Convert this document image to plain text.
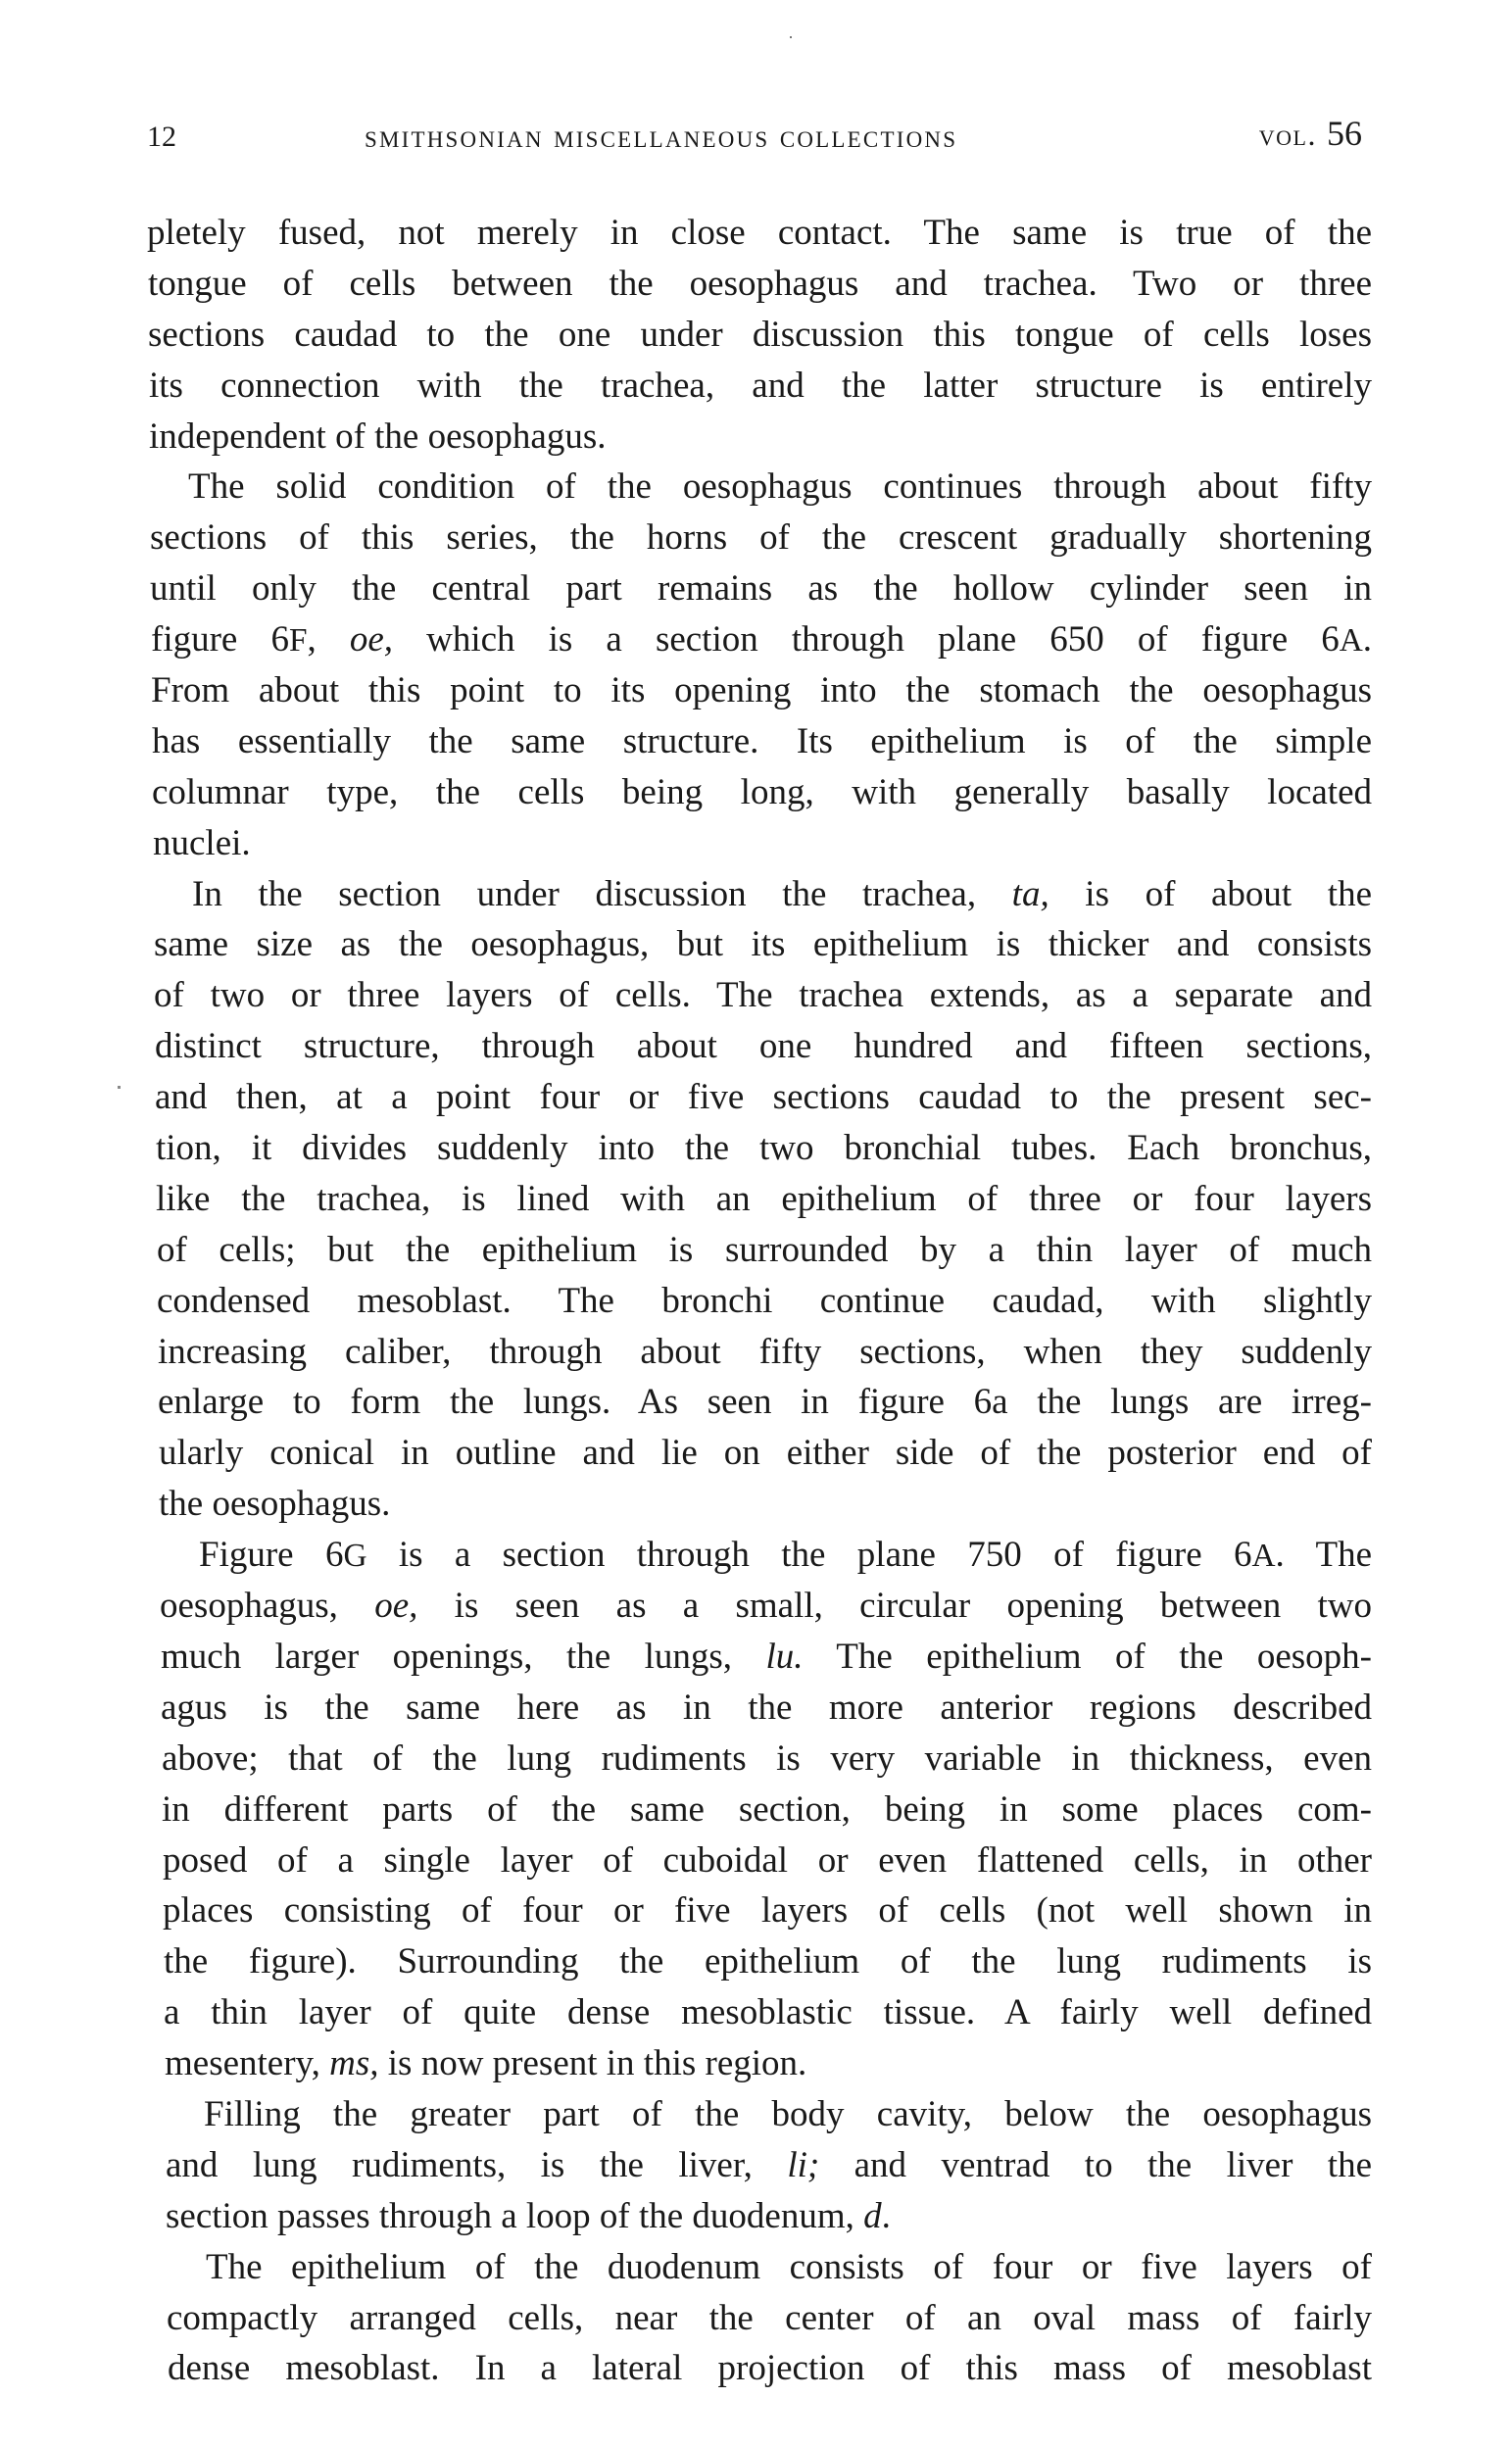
12	smithsonian miscellaneous collections	vol. 56
pletely fused, not merely in close contact. The same is true of the
tongue of cells between the oesophagus and trachea. Two or three
sections caudad to the one under discussion this tongue of cells loses
its connection with the trachea, and the latter structure is entirely
independent of the oesophagus.
The solid condition of the oesophagus continues through about fifty
sections of this series, the horns of the crescent gradually shortening
until only the central part remains as the hollow cylinder seen in
figure 6F, oe, which is a section through plane 650 of figure 6A.
From about this point to its opening into the stomach the oesophagus
has essentially the same structure. Its epithelium is of the simple
columnar type, the cells being long, with generally basally located
nuclei.
In the section under discussion the trachea, ta, is of about the
same size as the oesophagus, but its epithelium is thicker and consists
of two or three layers of cells. The trachea extends, as a separate and
distinct structure, through about one hundred and fifteen sections,
and then, at a point four or five sections caudad to the present sec-
tion, it divides suddenly into the two bronchial tubes. Each bronchus,
like the trachea, is lined with an epithelium of three or four layers
of cells; but the epithelium is surrounded by a thin layer of much
condensed mesoblast. The bronchi continue caudad, with slightly
increasing caliber, through about fifty sections, when they suddenly
enlarge to form the lungs. As seen in figure 6a the lungs are irreg-
ularly conical in outline and lie on either side of the posterior end of
the oesophagus.
Figure 6G is a section through the plane 750 of figure 6A. The
oesophagus, oe, is seen as a small, circular opening between two
much larger openings, the lungs, lu. The epithelium of the oesoph-
agus is the same here as in the more anterior regions described
above; that of the lung rudiments is very variable in thickness, even
in different parts of the same section, being in some places com-
posed of a single layer of cuboidal or even flattened cells, in other
places consisting of four or five layers of cells (not well shown in
the figure). Surrounding the epithelium of the lung rudiments is
a thin layer of quite dense mesoblastic tissue. A fairly well defined
mesentery, ms, is now present in this region.
Filling the greater part of the body cavity, below the oesophagus
and lung rudiments, is the liver, li; and ventrad to the liver the
section passes through a loop of the duodenum, d.
The epithelium of the duodenum consists of four or five layers of
compactly arranged cells, near the center of an oval mass of fairly
dense mesoblast. In a lateral projection of this mass of mesoblast
